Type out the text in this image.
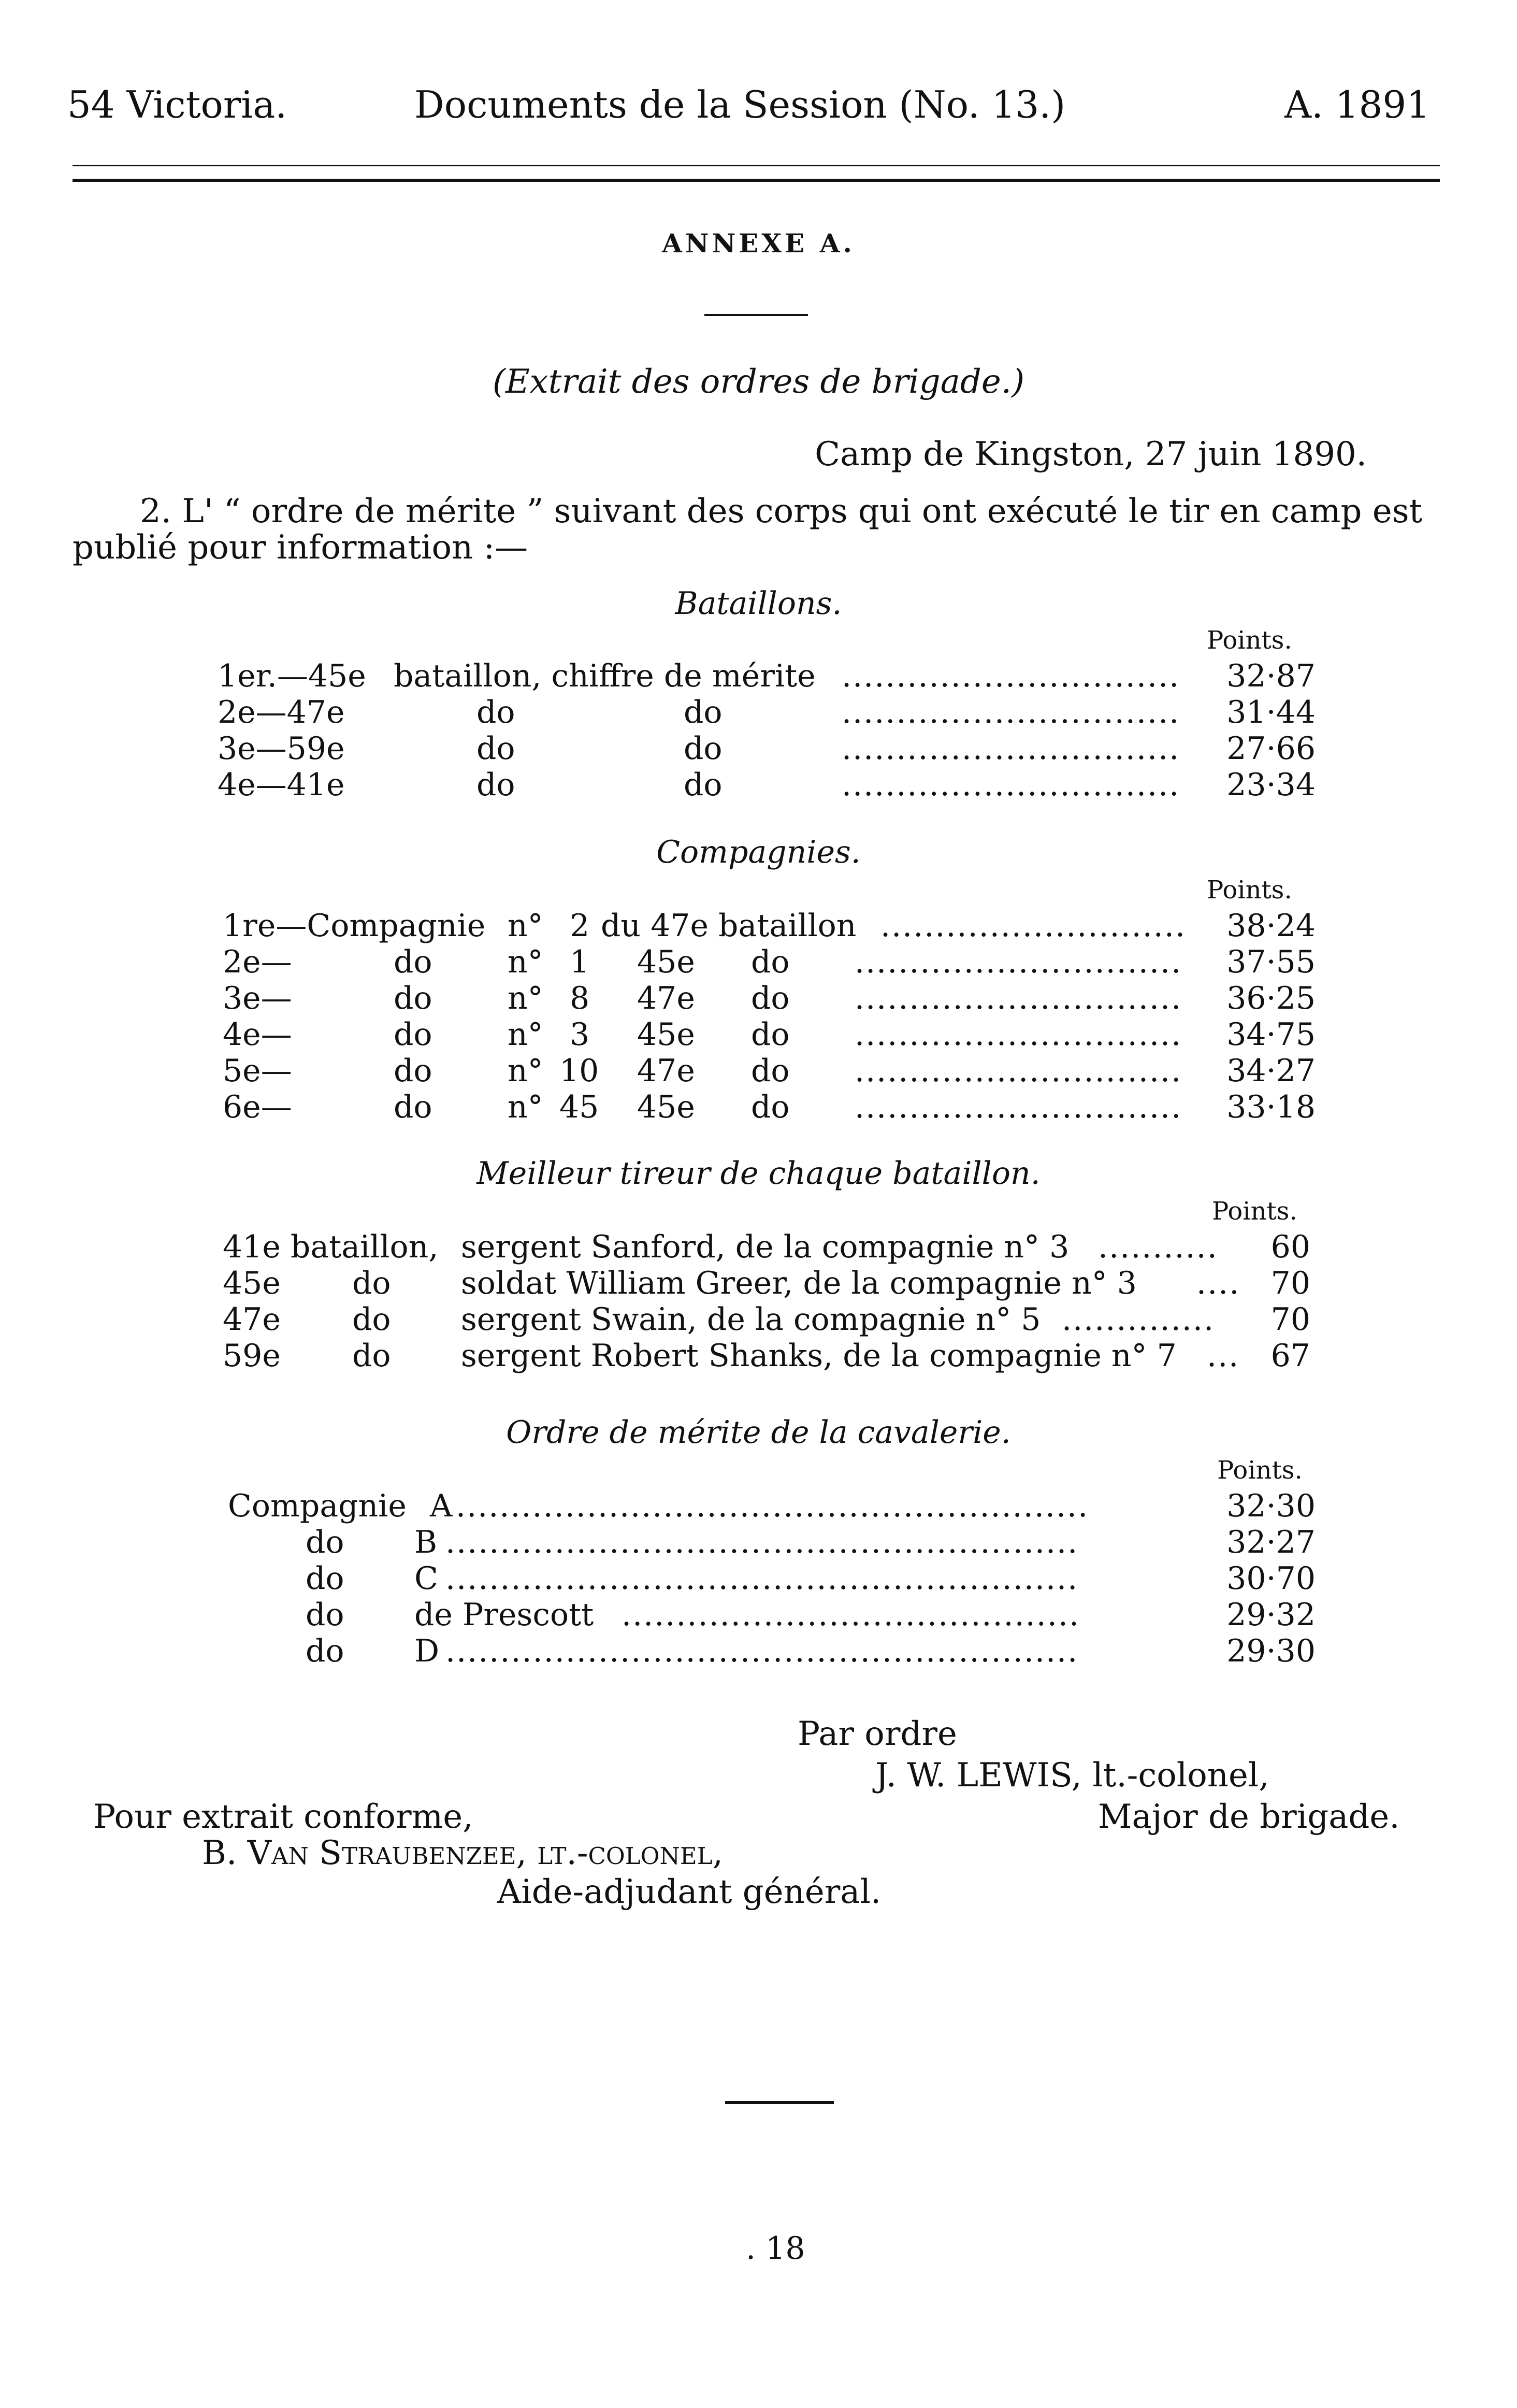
54 Victoria.	Documents de la Session (No. 13.)	A. 1891
ANNEXE A.
(Extrait des ordres de brigade.)
Camp de Kingston, 27 juin 1890.
2. L' “ ordre de mérite ” suivant des corps qui ont exécuté le tir en camp est
publié pour information :—
Bataillons.
Points.
1er.—45e bataillon, chiffre de mérite ............................... 32·87
2e—47e	do	do	............................... 31·44
3e—59e	do	do	............................... 27·66
4e—41e	do	do	............................... 23·34
Compagnies.
Points.
1re—Compagnie n° 2 du 47e bataillon ............................ 38·24
2e—	do n° 1 45e do .............................. 37·55
3e—	do n° 8 47e do .............................. 36·25
4e—	do n° 3 45e do .............................. 34·75
5e—	do n° 10 47e do .............................. 34·27
6e—	do n° 45 45e do .............................. 33·18
Meilleur tireur de chaque bataillon.
Points.
41e bataillon, sergent Sanford, de la compagnie n° 3 ........... 60
45e do soldat William Greer, de la compagnie n° 3 .... 70
47e do sergent Swain, de la compagnie n° 5 .............. 70
59e do sergent Robert Shanks, de la compagnie n° 7 ... 67
Ordre de mérite de la cavalerie.
Points.
Compagnie A ..........................................................	32·30
do B ..........................................................	32·27
do C ..........................................................	30·70
do de Prescott ..........................................	29·32
do D ..........................................................	29·30
Par ordre
J. W. LEWIS, lt.-colonel,
Major de brigade.
Pour extrait conforme,
B. Van Straubenzee, lt.-colonel,
Aide-adjudant général.
. 18
